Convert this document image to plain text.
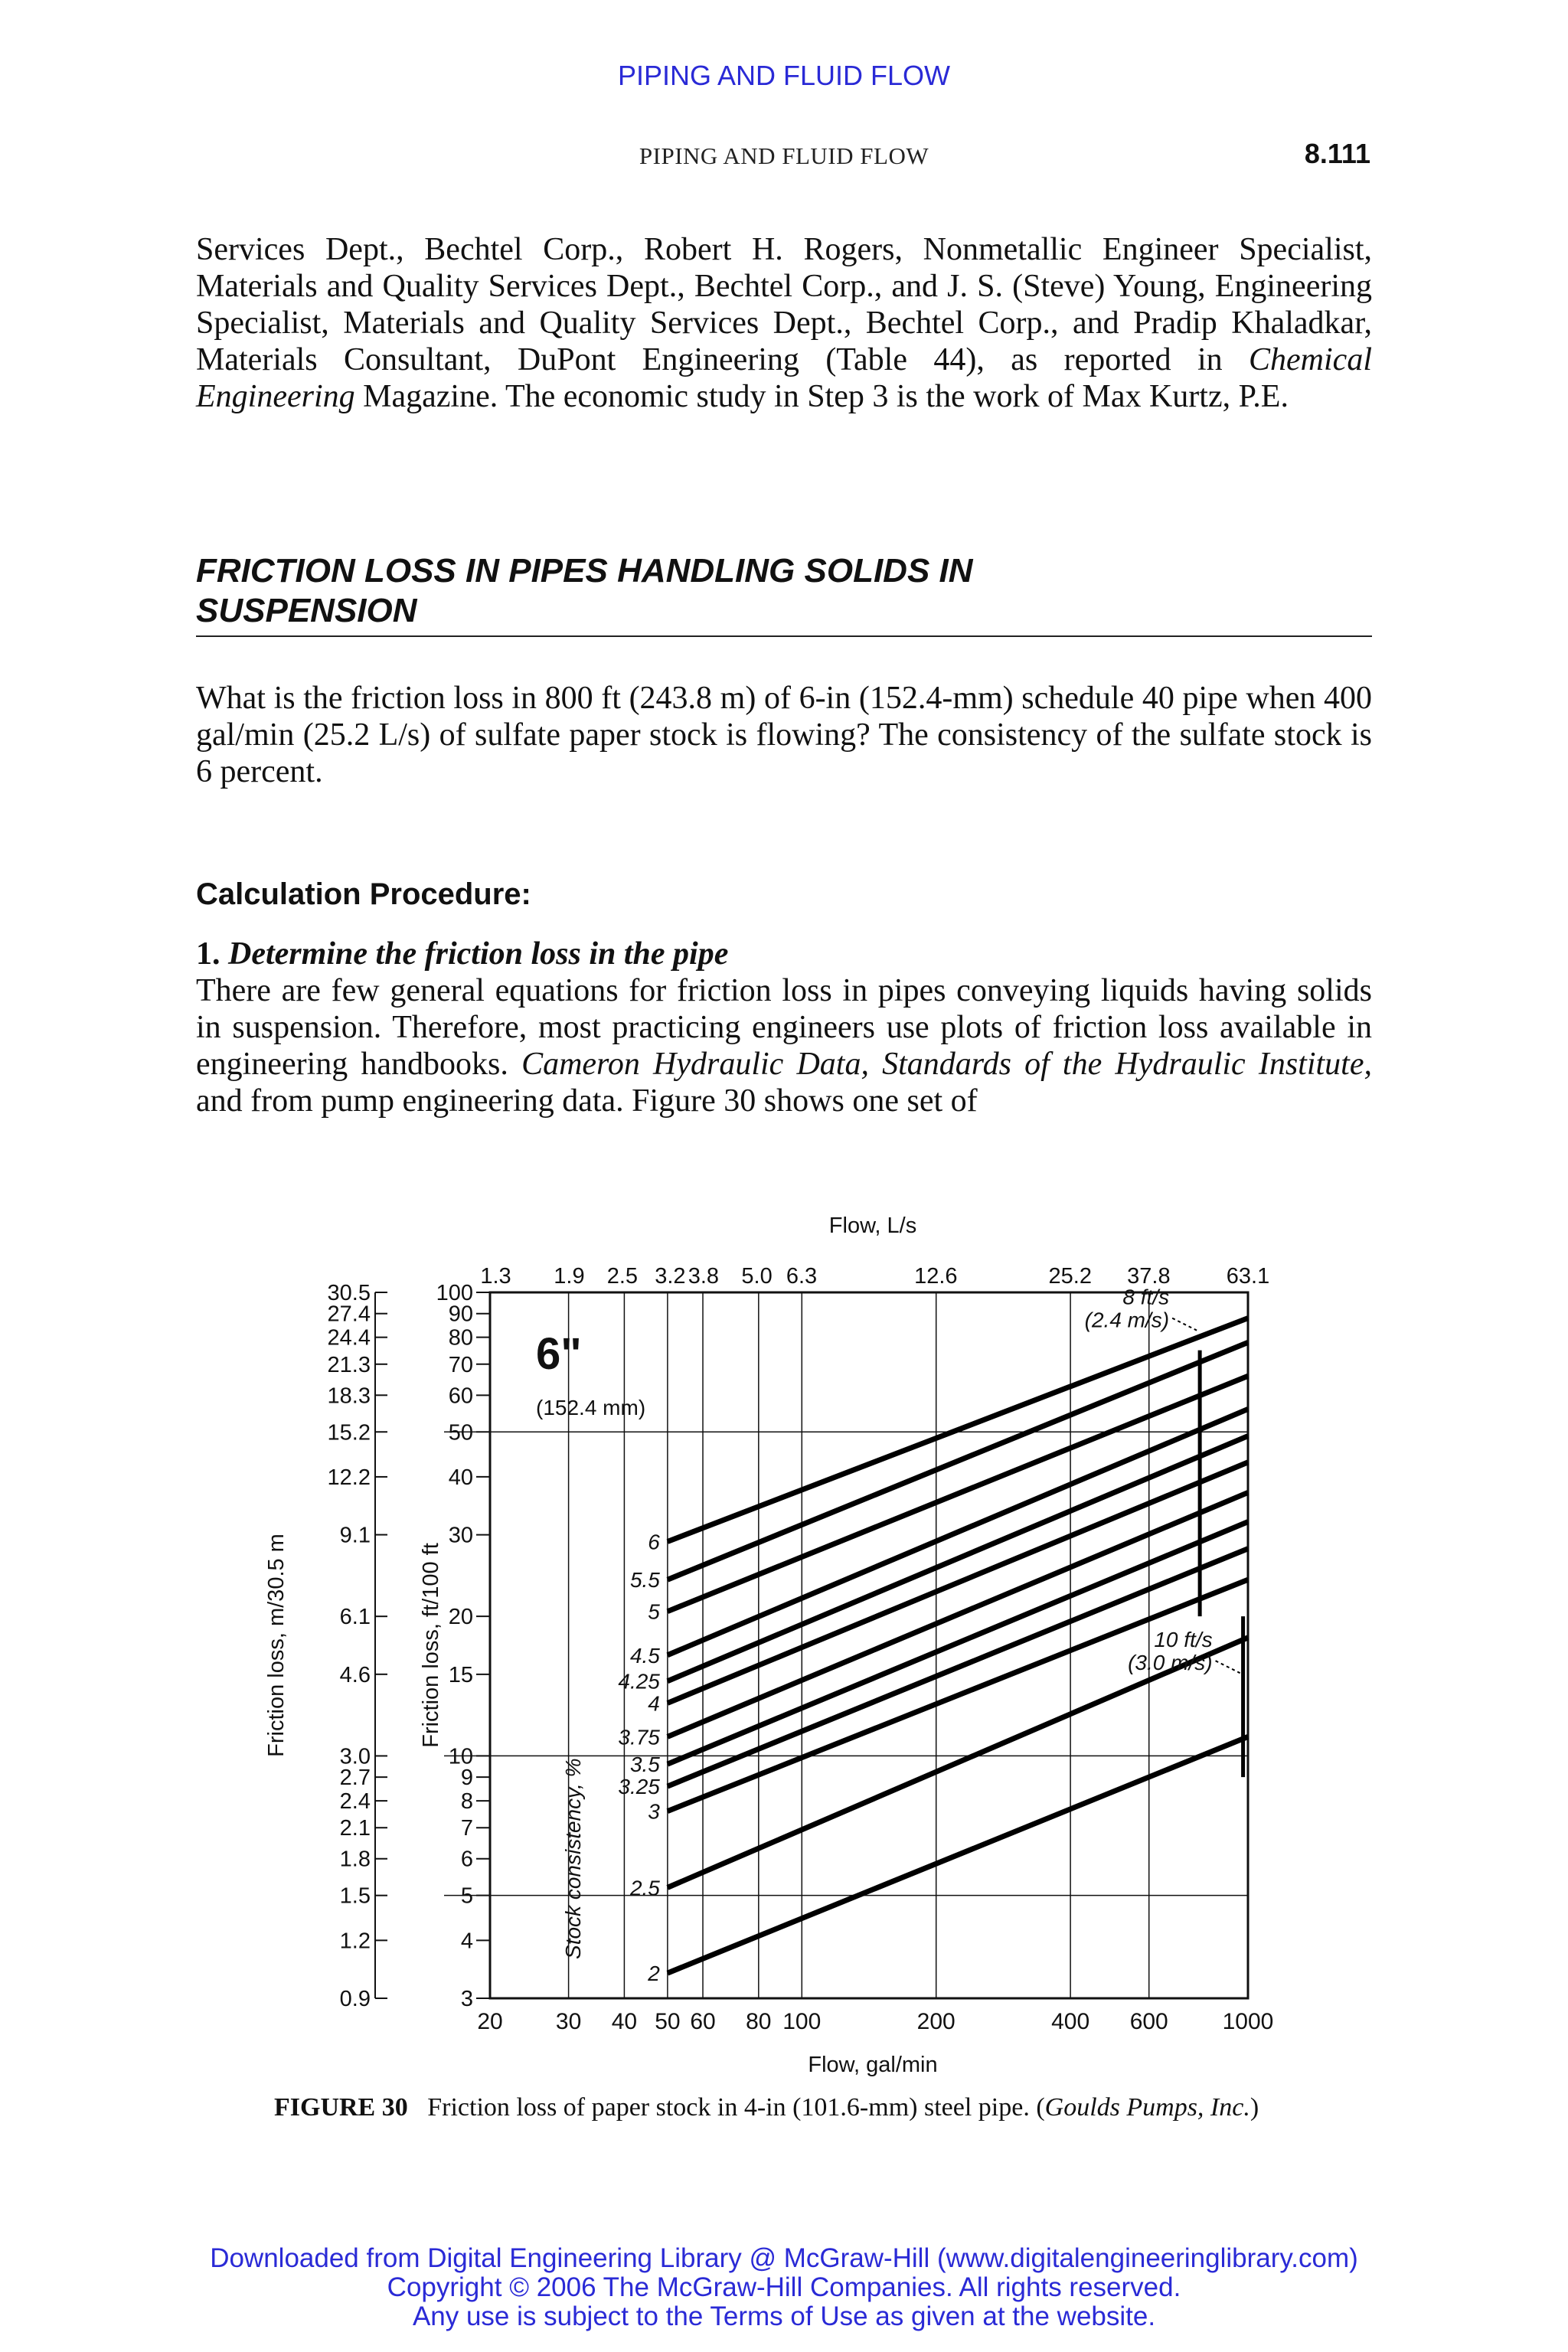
PIPING AND FLUID FLOW
PIPING AND FLUID FLOW	8.111
Services Dept., Bechtel Corp., Robert H. Rogers, Nonmetallic Engineer Specialist, Materials and Quality Services Dept., Bechtel Corp., and J. S. (Steve) Young, Engineering Specialist, Materials and Quality Services Dept., Bechtel Corp., and Pradip Khaladkar, Materials Consultant, DuPont Engineering (Table 44), as reported in Chemical Engineering Magazine. The economic study in Step 3 is the work of Max Kurtz, P.E.
FRICTION LOSS IN PIPES HANDLING SOLIDS IN
SUSPENSION
What is the friction loss in 800 ft (243.8 m) of 6-in (152.4-mm) schedule 40 pipe when 400 gal/min (25.2 L/s) of sulfate paper stock is flowing? The consistency of the sulfate stock is 6 percent.
Calculation Procedure:
1. Determine the friction loss in the pipe
There are few general equations for friction loss in pipes conveying liquids having solids in suspension. Therefore, most practicing engineers use plots of friction loss available in engineering handbooks. Cameron Hydraulic Data, Standards of the Hydraulic Institute, and from pump engineering data. Figure 30 shows one set of
Flow, L/s
Flow, gal/min
Friction loss, ft/100 ft
Friction loss, m/30.5 m
6"
(152.4 mm)
Stock consistency, %
20 30 40 50 60 80 100	200	400 600 1000
1.3 1.9 2.5 3.2 3.8 5.0 6.3	12.6	25.2 37.8	63.1
100
90
80
70
60
50
40
30
20
15
10
9
8
7
6
5
4
3
30.5
27.4
24.4
21.3
18.3
15.2
12.2
9.1
6.1
4.6
3.0
2.7
2.4
2.1
1.8
1.5
1.2
0.9
6
5.5
5
4.5
4.25
4
3.75
3.5
3.25
3
2.5
2
8 ft/s
(2.4 m/s)
10 ft/s
(3.0 m/s)
FIGURE 30 Friction loss of paper stock in 4-in (101.6-mm) steel pipe. (Goulds Pumps, Inc.)
Downloaded from Digital Engineering Library @ McGraw-Hill (www.digitalengineeringlibrary.com)
Copyright © 2006 The McGraw-Hill Companies. All rights reserved.
Any use is subject to the Terms of Use as given at the website.
